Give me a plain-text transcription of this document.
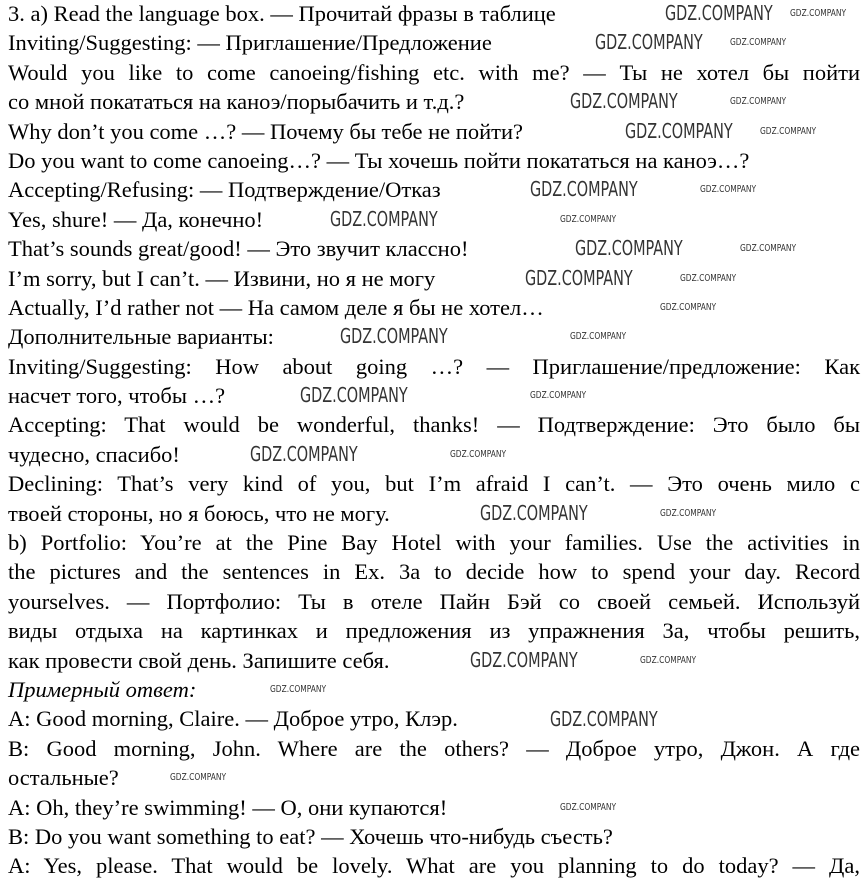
3. a) Read the language box. — Прочитай фразы в таблице
Inviting/Suggesting: — Приглашение/Предложение
Would you like to come canoeing/fishing etc. with me? — Ты не хотел бы пойти
со мной покататься на каноэ/порыбачить и т.д.?
Why don’t you come …? — Почему бы тебе не пойти?
Do you want to come canoeing…? — Ты хочешь пойти покататься на каноэ…?
Accepting/Refusing: — Подтверждение/Отказ
Yes, shure! — Да, конечно!
That’s sounds great/good! — Это звучит классно!
I’m sorry, but I can’t. — Извини, но я не могу
Actually, I’d rather not — На самом деле я бы не хотел…
Дополнительные варианты:
Inviting/Suggesting: How about going …? — Приглашение/предложение: Как
насчет того, чтобы …?
Accepting: That would be wonderful, thanks! — Подтверждение: Это было бы
чудесно, спасибо!
Declining: That’s very kind of you, but I’m afraid I can’t. — Это очень мило с
твоей стороны, но я боюсь, что не могу.
b) Portfolio: You’re at the Pine Bay Hotel with your families. Use the activities in
the pictures and the sentences in Ex. 3a to decide how to spend your day. Record
yourselves. — Портфолио: Ты в отеле Пайн Бэй со своей семьей. Используй
виды отдыха на картинках и предложения из упражнения 3а, чтобы решить,
как провести свой день. Запишите себя.
Примерный ответ:
A: Good morning, Claire. — Доброе утро, Клэр.
B: Good morning, John. Where are the others? — Доброе утро, Джон. А где
остальные?
A: Oh, they’re swimming! — О, они купаются!
B: Do you want something to eat? — Хочешь что-нибудь съесть?
A: Yes, please. That would be lovely. What are you planning to do today? — Да,
GDZ.COMPANY
GDZ.COMPANY
GDZ.COMPANY
GDZ.COMPANY
GDZ.COMPANY
GDZ.COMPANY
GDZ.COMPANY
GDZ.COMPANY
GDZ.COMPANY
GDZ.COMPANY
GDZ.COMPANY
GDZ.COMPANY
GDZ.COMPANY
GDZ.COMPANY
GDZ.COMPANY
GDZ.COMPANY
GDZ.COMPANY
GDZ.COMPANY
GDZ.COMPANY
GDZ.COMPANY
GDZ.COMPANY
GDZ.COMPANY
GDZ.COMPANY
GDZ.COMPANY
GDZ.COMPANY
GDZ.COMPANY
GDZ.COMPANY
GDZ.COMPANY
GDZ.COMPANY
GDZ.COMPANY
GDZ.COMPANY
